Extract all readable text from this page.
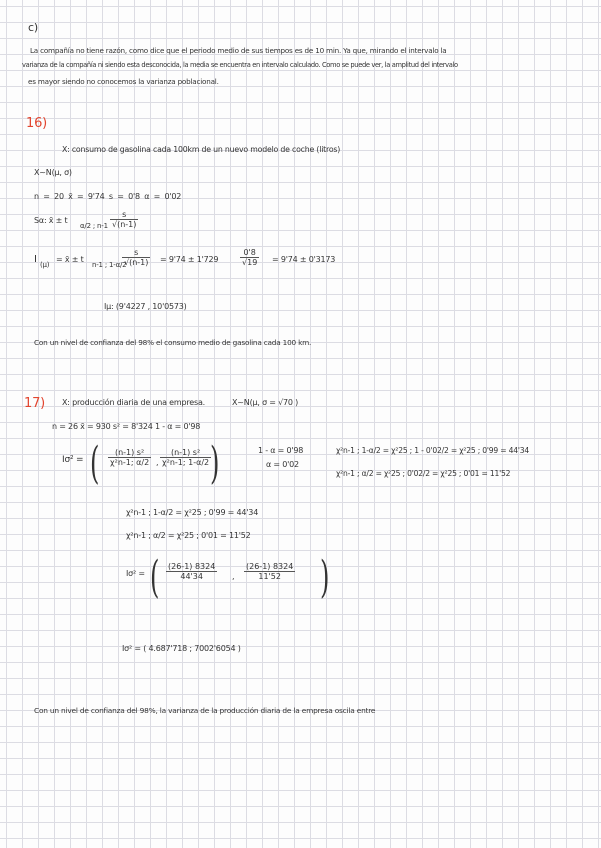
c)
La compañía no tiene razón, como dice que el periodo medio de sus tiempos es de 10 min. Ya que, mirando el intervalo la
varianza de la compañía ni siendo esta desconocida, la media se encuentra en intervalo calculado. Como se puede ver, la amplitud del intervalo
es mayor siendo no conocemos la varianza poblacional.
16)
X: consumo de gasolina cada 100km de un nuevo modelo de coche (litros)
X~N(μ, σ)
n = 20 x̄ = 9'74 s = 0'8 α = 0'02
Sα: x̄ ± t
α/2 ; $n-1 \frac{s}{√(n-1)}$
I (μ)
= x̄ ± t
n-1 ; 1-α/2
$\frac{s}{√(n-1)} = 9'74 \pm 1'729$	$\frac{0'8}{√19} = 9'74 \pm 0'3173$
Iμ: (9'4227 , 10'0573)
Con un nivel de confianza del 98% el consumo medio de gasolina cada 100 km.
17) X: producción diaria de una empresa.	X~N(μ, σ = √70 )
n = 26 x̄ = 930 s² = 8'324 1 - α = 0'98
Iσ² = ( $\frac{\text{(n-1) s²}}{\text{χ²n-1; α/2}}$ , $\frac{\text{(n-1) s²}}{\text{χ²n-1; 1-α/2}}$
)	1 - α = 0'98
α = 0'02
χ²n-1 ; 1-α/2 = χ²25 ; 1 - 0'02/2 = χ²25 ; 0'99 = 44'34
χ²n-1 ; α/2 = χ²25 ; 0'02/2 = χ²25 ; 0'01 = 11'52
χ²n-1 ; 1-α/2 = χ²25 ; 0'99 = 44'34
χ²n-1 ; α/2 = χ²25 ; 0'01 = 11'52
Iσ² = ( $\frac{(26-1) 8324}{44'34}$ , $\frac{(26-1) 8324}{11'52}$ )
Iσ² = ( 4.687'718 ; 7002'6054 )
Con un nivel de confianza del 98%, la varianza de la producción diaria de la empresa oscila entre
